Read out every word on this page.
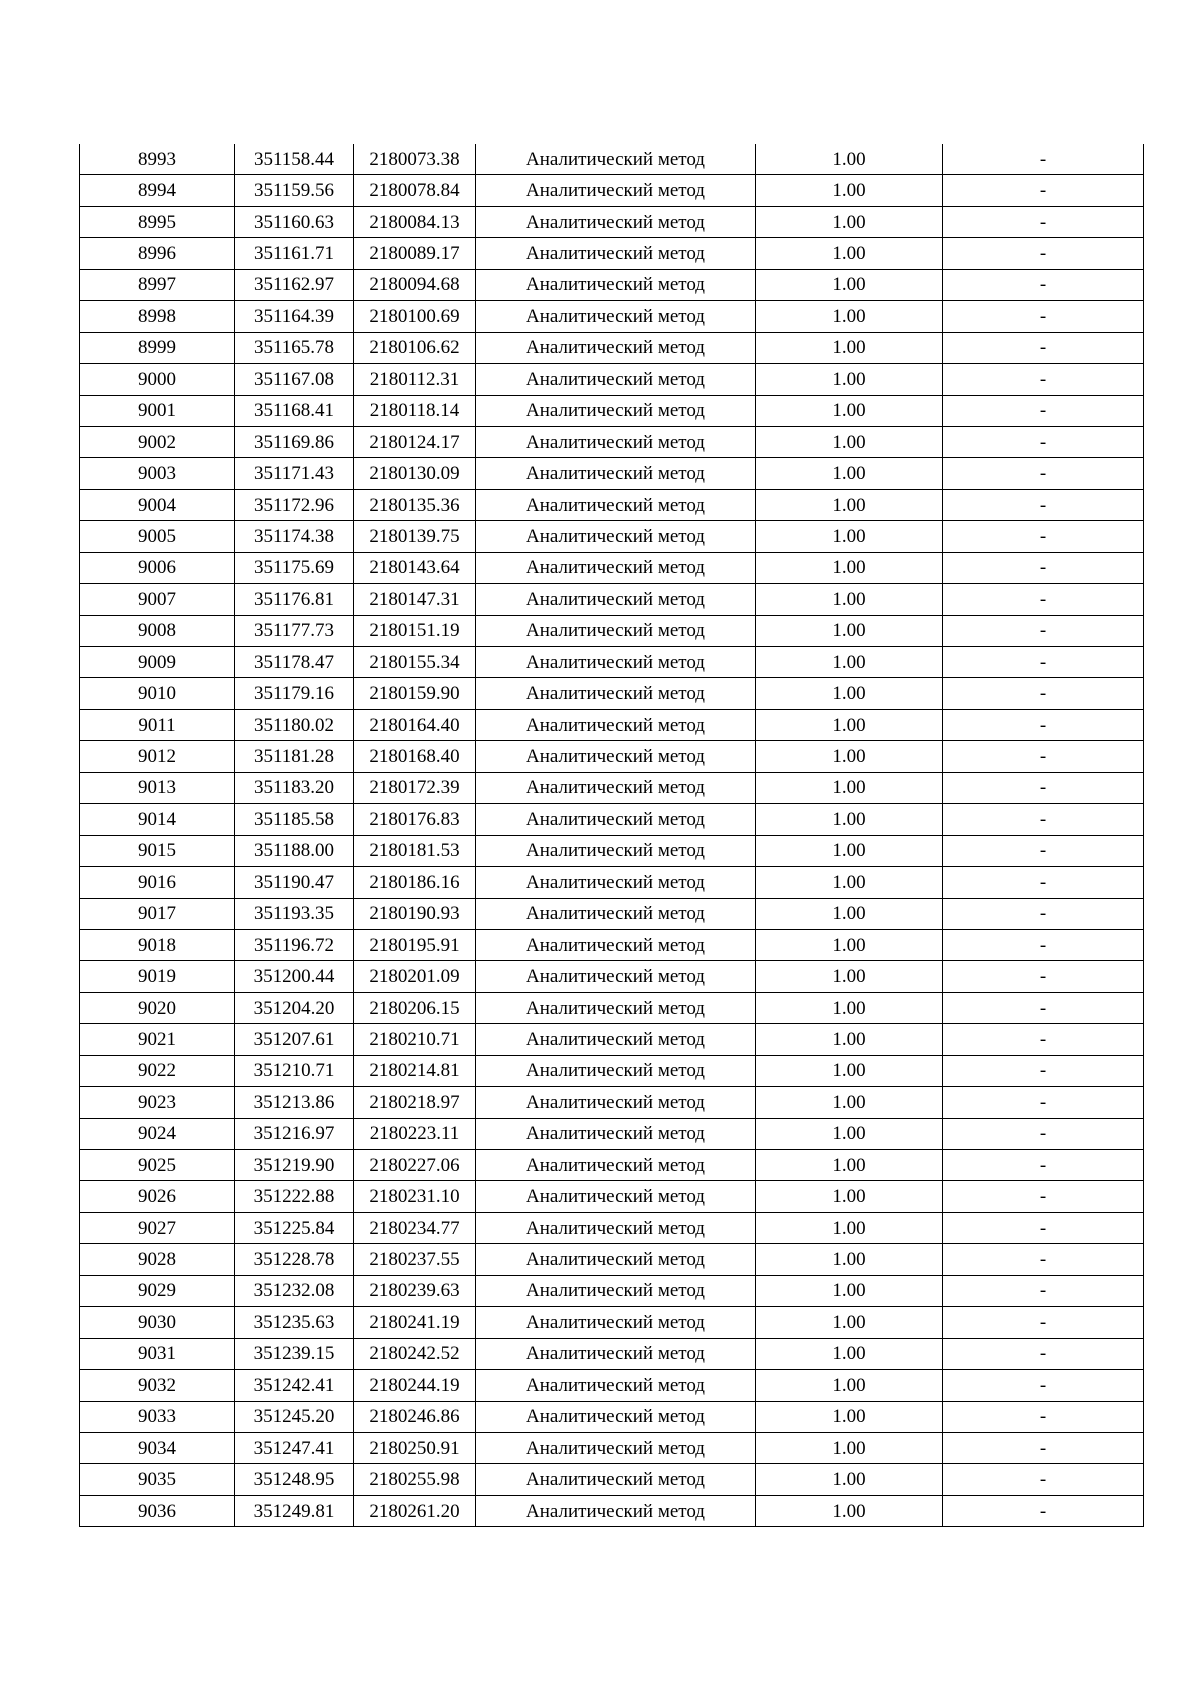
8993	351158.44	2180073.38	Аналитический метод	1.00	-
8994	351159.56	2180078.84	Аналитический метод	1.00	-
8995	351160.63	2180084.13	Аналитический метод	1.00	-
8996	351161.71	2180089.17	Аналитический метод	1.00	-
8997	351162.97	2180094.68	Аналитический метод	1.00	-
8998	351164.39	2180100.69	Аналитический метод	1.00	-
8999	351165.78	2180106.62	Аналитический метод	1.00	-
9000	351167.08	2180112.31	Аналитический метод	1.00	-
9001	351168.41	2180118.14	Аналитический метод	1.00	-
9002	351169.86	2180124.17	Аналитический метод	1.00	-
9003	351171.43	2180130.09	Аналитический метод	1.00	-
9004	351172.96	2180135.36	Аналитический метод	1.00	-
9005	351174.38	2180139.75	Аналитический метод	1.00	-
9006	351175.69	2180143.64	Аналитический метод	1.00	-
9007	351176.81	2180147.31	Аналитический метод	1.00	-
9008	351177.73	2180151.19	Аналитический метод	1.00	-
9009	351178.47	2180155.34	Аналитический метод	1.00	-
9010	351179.16	2180159.90	Аналитический метод	1.00	-
9011	351180.02	2180164.40	Аналитический метод	1.00	-
9012	351181.28	2180168.40	Аналитический метод	1.00	-
9013	351183.20	2180172.39	Аналитический метод	1.00	-
9014	351185.58	2180176.83	Аналитический метод	1.00	-
9015	351188.00	2180181.53	Аналитический метод	1.00	-
9016	351190.47	2180186.16	Аналитический метод	1.00	-
9017	351193.35	2180190.93	Аналитический метод	1.00	-
9018	351196.72	2180195.91	Аналитический метод	1.00	-
9019	351200.44	2180201.09	Аналитический метод	1.00	-
9020	351204.20	2180206.15	Аналитический метод	1.00	-
9021	351207.61	2180210.71	Аналитический метод	1.00	-
9022	351210.71	2180214.81	Аналитический метод	1.00	-
9023	351213.86	2180218.97	Аналитический метод	1.00	-
9024	351216.97	2180223.11	Аналитический метод	1.00	-
9025	351219.90	2180227.06	Аналитический метод	1.00	-
9026	351222.88	2180231.10	Аналитический метод	1.00	-
9027	351225.84	2180234.77	Аналитический метод	1.00	-
9028	351228.78	2180237.55	Аналитический метод	1.00	-
9029	351232.08	2180239.63	Аналитический метод	1.00	-
9030	351235.63	2180241.19	Аналитический метод	1.00	-
9031	351239.15	2180242.52	Аналитический метод	1.00	-
9032	351242.41	2180244.19	Аналитический метод	1.00	-
9033	351245.20	2180246.86	Аналитический метод	1.00	-
9034	351247.41	2180250.91	Аналитический метод	1.00	-
9035	351248.95	2180255.98	Аналитический метод	1.00	-
9036	351249.81	2180261.20	Аналитический метод	1.00	-
